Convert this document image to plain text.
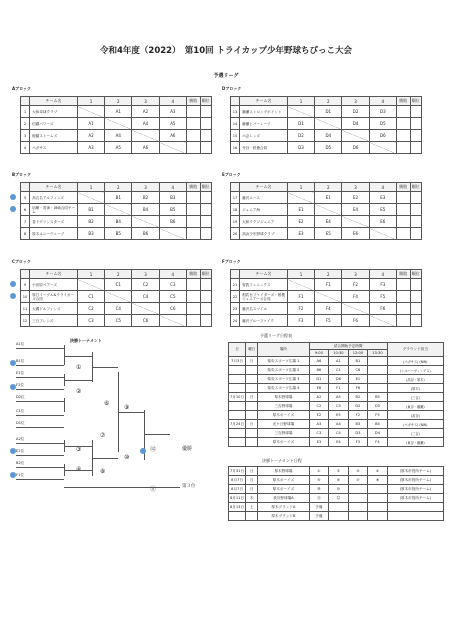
令和4年度（2022）　第10回 トライカップ少年野球ちびっこ大会
予選リーグ
Aブロック
	チーム名	1	2	3	4	勝敗	順位
1	大和卓球クラブ		A1	A2	A3		
2	信濃パワーズ	A1		A4	A5		
3	睦園ストームズ	A2	A4		A6		
4	ペガサス	A3	A5	A6			
Bブロック
	チーム名	1	2	3	4	勝敗	順位
5	高吉名アルフィンズ		B1	B2	B3		
6	培練・善神・神崎合同チーム	B1		B4	B5		
7	香ドグリンスターズ	B2	B4		B6		
8	厚木ユニーウェーブ	B3	B5	B6			
Cブロック
	チーム名	1	2	3	4	勝敗	順位
9	小田原ベアーズ		C1	C2	C3		
10	厚日イーグル&クライガーズ合同	C1		C4	C5		
11	大磯ドルフィンズ	C2	C4		C6		
12	三日フレンズ	C3	C5	C6			
Dブロック
	チーム名	1	2	3	4	勝敗	順位
13	藤瀬ストロングポイント		D1	D2	D3		
14	藤瀬ヒバーレーツ	D1		D4	D5		
15	六会レッズ	D2	D4		D6		
16	寺谷・鈴鹿合同	D3	D5	D6			
Eブロック
	チーム名	1	2	3	4	勝敗	順位
17	藤沢エース		E1	E2	E3		
18	ジュニア海	E1		E4	E5		
19	大和ウクジジュニア	E2	E4		E6		
20	高浜少年野球クラブ	E3	E5	E6			
Fブロック
	チーム名	1	2	3	4	勝敗	順位
21	曽我フェニックス		F1	F2	F3		
22	相武台ファイターズ・相模ジュニアーズ合同	F1		F4	F5		
23	藤沢名スマイル	F2	F4		F6		
24	藤沢ブルーファイク	F3	F5	F6			
決勝トーナメント
A1位
B1位
E1位
F2位
D2位
C1位
D1位
A2位
E2位
B2位
F1位
①
②
⑥
③
④
⑦
⑧
⑨
⑩
⑫
⑪
優勝
第３位
予選リーグ日程表
日	曜日	場所	試合開始予定時間				グラウンド担当
			9:00	10:30	12:00	13:30	
7月3日	日	県央スポーツ広場 1	A6	A1	B1		(ペガサス) (NW)
		県央スポーツ広場 2	B6	C1	C6		(シルバーヴィングス)
		県央スポーツ広場 3	D1	D6	E1		(高谷・厚木)
		県央スポーツ広場 4	E6	F1	F6		(厚木)
7月10日	日	厚木野球場	A2	A5	B2	B5	(三吉)
		三吉野球場	C2	C5	D2	D5	(東谷・藤瀬)
		厚木ボーイズ	E2	E5	F2	F5	(高谷)
7月24日	日	光ケ丘野球場	A3	A4	B3	B4	(ペガサス) (NW)
		三吉野球場	C3	C4	D3	D4	(三吉)
		厚木ボーイズ	E3	E4	F3	F4	(東谷・藤瀬)
決勝トーナメント日程
7月31日	日	厚木野球場	①	②	③	④	(厚木市役所チーム)
8月7日	日	厚木ボーイズ	⑤	⑥	⑦	⑧	(厚木市役所チーム)
8月7日	日	厚木ボーイズ	⑨	⑩			(厚木市役所チーム)
8月11日	木	荻川野球場A	⑪	⑫			(厚木市役所チーム)
8月13日	土	厚木グランドA	予備				
		厚木グランドB	予備				
